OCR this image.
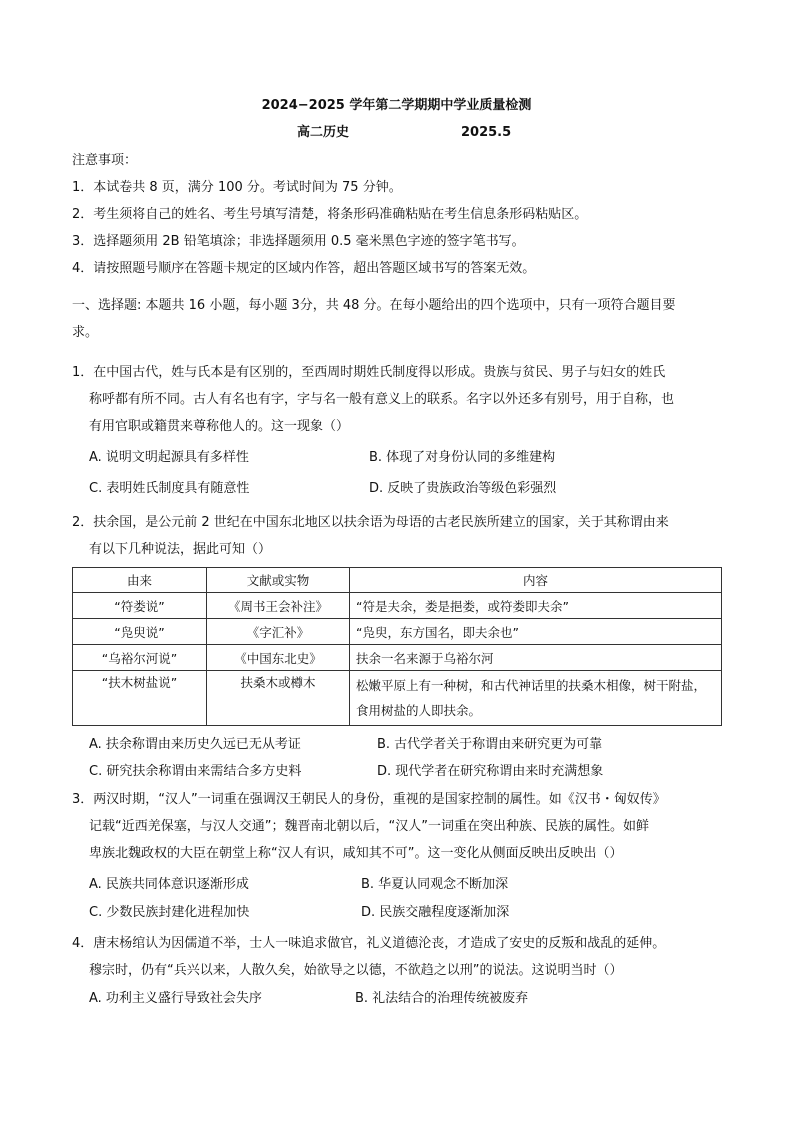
2024−2025 学年第二学期期中学业质量检测
高二历史	2025.5
注意事项：
1．本试卷共 8 页，满分 100 分。考试时间为 75 分钟。
2．考生须将自己的姓名、考生号填写清楚，将条形码准确粘贴在考生信息条形码粘贴区。
3．选择题须用 2B 铅笔填涂；非选择题须用 0.5 毫米黑色字迹的签字笔书写。
4．请按照题号顺序在答题卡规定的区域内作答，超出答题区域书写的答案无效。
一、选择题: 本题共 16 小题，每小题 3分，共 48 分。在每小题给出的四个选项中，只有一项符合题目要
求。
1．在中国古代，姓与氏本是有区别的，至西周时期姓氏制度得以形成。贵族与贫民、男子与妇女的姓氏
称呼都有所不同。古人有名也有字，字与名一般有意义上的联系。名字以外还多有别号，用于自称，也
有用官职或籍贯来尊称他人的。这一现象（）
A. 说明文明起源具有多样性	B. 体现了对身份认同的多维建构
C. 表明姓氏制度具有随意性	D. 反映了贵族政治等级色彩强烈
2．扶余国，是公元前 2 世纪在中国东北地区以扶余语为母语的古老民族所建立的国家，关于其称谓由来
有以下几种说法，据此可知（）
由来	文献或实物	内容
“符娄说”	《周书王会补注》	“符是夫余，娄是挹娄，或符娄即夫余”
“凫臾说”	《字汇补》	“凫臾，东方国名，即夫余也”
“乌裕尔河说”	《中国东北史》	扶余一名来源于乌裕尔河
“扶木树盐说”	扶桑木或樽木	松嫩平原上有一种树，和古代神话里的扶桑木相像，树干附盐，食用树盐的人即扶余。
A. 扶余称谓由来历史久远已无从考证	B. 古代学者关于称谓由来研究更为可靠
C. 研究扶余称谓由来需结合多方史料	D. 现代学者在研究称谓由来时充满想象
3．两汉时期，“汉人”一词重在强调汉王朝民人的身份，重视的是国家控制的属性。如《汉书・匈奴传》
记载“近西羌保塞，与汉人交通”；魏晋南北朝以后，“汉人”一词重在突出种族、民族的属性。如鲜
卑族北魏政权的大臣在朝堂上称“汉人有识，咸知其不可”。这一变化从侧面反映出反映出（）
A. 民族共同体意识逐渐形成	B. 华夏认同观念不断加深
C. 少数民族封建化进程加快	D. 民族交融程度逐渐加深
4．唐末杨绾认为因儒道不举，士人一味追求做官，礼义道德沦丧，才造成了安史的反叛和战乱的延伸。
穆宗时，仍有“兵兴以来，人散久矣，始欲导之以德，不欲趋之以刑”的说法。这说明当时（）
A. 功利主义盛行导致社会失序	B. 礼法结合的治理传统被废弃
